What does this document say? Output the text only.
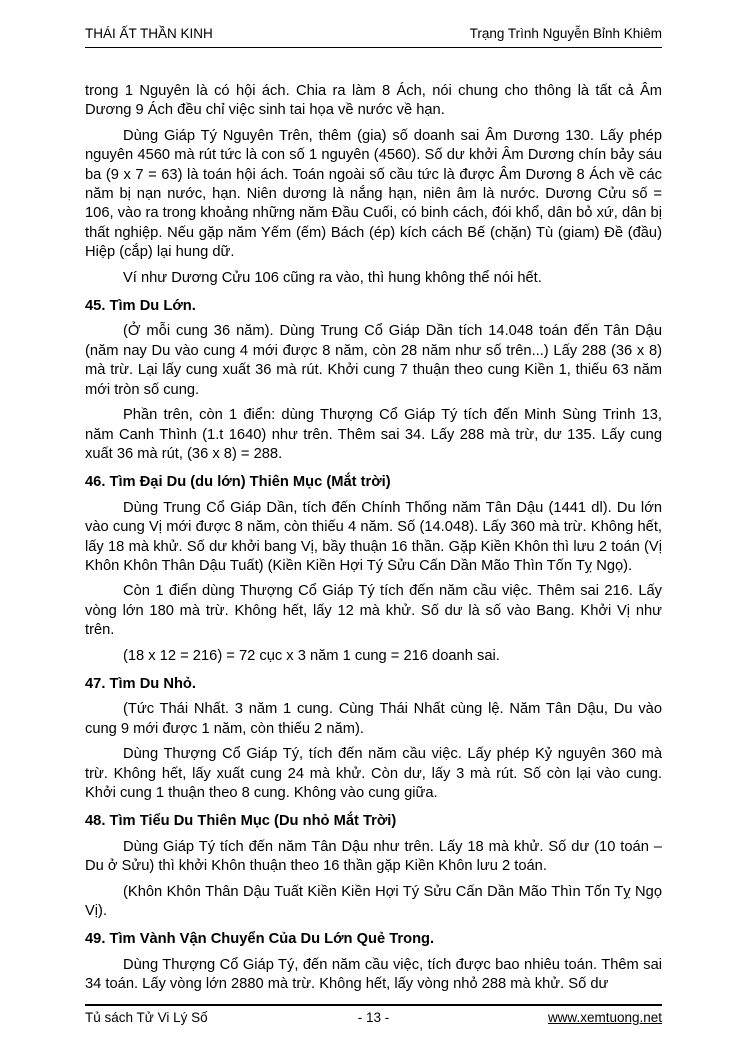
THÁI ẤT THẦN KINH	Trạng Trình Nguyễn Bỉnh Khiêm

trong 1 Nguyên là có hội ách. Chia ra làm 8 Ách, nói chung cho thông là tất cả Âm Dương 9 Ách đều chỉ việc sinh tai họa về nước về hạn.

Dùng Giáp Tý Nguyên Trên, thêm (gia) số doanh sai Âm Dương 130. Lấy phép nguyên 4560 mà rút tức là con số 1 nguyên (4560). Số dư khởi Âm Dương chín bảy sáu ba (9 x 7 = 63) là toán hội ách. Toán ngoài số cầu tức là được Âm Dương 8 Ách về các năm bị nạn nước, hạn. Niên dương là nắng hạn, niên âm là nước. Dương Cửu số = 106, vào ra trong khoảng những năm Đầu Cuối, có binh cách, đói khổ, dân bỏ xứ, dân bị thất nghiệp. Nếu gặp năm Yếm (ếm) Bách (ép) kích cách Bế (chặn) Tù (giam) Đề (đầu) Hiệp (cắp) lại hung dữ.

Ví như Dương Cửu 106 cũng ra vào, thì hung không thể nói hết.

45. Tìm Du Lớn.

(Ở mỗi cung 36 năm). Dùng Trung Cổ Giáp Dần tích 14.048 toán đến Tân Dậu (năm nay Du vào cung 4 mới được 8 năm, còn 28 năm như số trên...) Lấy 288 (36 x 8) mà trừ. Lại lấy cung xuất 36 mà rút. Khởi cung 7 thuận theo cung Kiền 1, thiếu 63 năm mới tròn số cung.

Phần trên, còn 1 điển: dùng Thượng Cổ Giáp Tý tích đến Minh Sùng Trinh 13, năm Canh Thình (1.t 1640) như trên. Thêm sai 34. Lấy 288 mà trừ, dư 135. Lấy cung xuất 36 mà rút, (36 x 8) = 288.

46. Tìm Đại Du (du lớn) Thiên Mục (Mắt trời)

Dùng Trung Cổ Giáp Dần, tích đến Chính Thống năm Tân Dậu (1441 dl). Du lớn vào cung Vị mới được 8 năm, còn thiếu 4 năm. Số (14.048). Lấy 360 mà trừ. Không hết, lấy 18 mà khử. Số dư khởi bang Vị, bầy thuận 16 thần. Gặp Kiền Khôn thì lưu 2 toán (Vị Khôn Khôn Thân Dậu Tuất) (Kiền Kiền Hợi Tý Sửu Cấn Dần Mão Thìn Tốn Tỵ Ngọ).

Còn 1 điển dùng Thượng Cổ Giáp Tý tích đến năm cầu việc. Thêm sai 216. Lấy vòng lớn 180 mà trừ. Không hết, lấy 12 mà khử. Số dư là số vào Bang. Khởi Vị như trên.

(18 x 12 = 216) = 72 cục x 3 năm 1 cung = 216 doanh sai.

47. Tìm Du Nhỏ.

(Tức Thái Nhất. 3 năm 1 cung. Cùng Thái Nhất cùng lệ. Năm Tân Dậu, Du vào cung 9 mới được 1 năm, còn thiếu 2 năm).

Dùng Thượng Cổ Giáp Tý, tích đến năm cầu việc. Lấy phép Kỷ nguyên 360 mà trừ. Không hết, lấy xuất cung 24 mà khử. Còn dư, lấy 3 mà rút. Số còn lại vào cung. Khởi cung 1 thuận theo 8 cung. Không vào cung giữa.

48. Tìm Tiểu Du Thiên Mục (Du nhỏ Mắt Trời)

Dùng Giáp Tý tích đến năm Tân Dậu như trên. Lấy 18 mà khử. Số dư (10 toán – Du ở Sửu) thì khởi Khôn thuận theo 16 thần gặp Kiền Khôn lưu 2 toán.

(Khôn Khôn Thân Dậu Tuất Kiền Kiền Hợi Tý Sửu Cấn Dần Mão Thìn Tốn Tỵ Ngọ Vị).

49. Tìm Vành Vận Chuyển Của Du Lớn Quẻ Trong.

Dùng Thượng Cổ Giáp Tý, đến năm cầu việc, tích được bao nhiêu toán. Thêm sai 34 toán. Lấy vòng lớn 2880 mà trừ. Không hết, lấy vòng nhỏ 288 mà khử. Số dư

Tủ sách Tử Vi Lý Số	- 13 -	www.xemtuong.net
